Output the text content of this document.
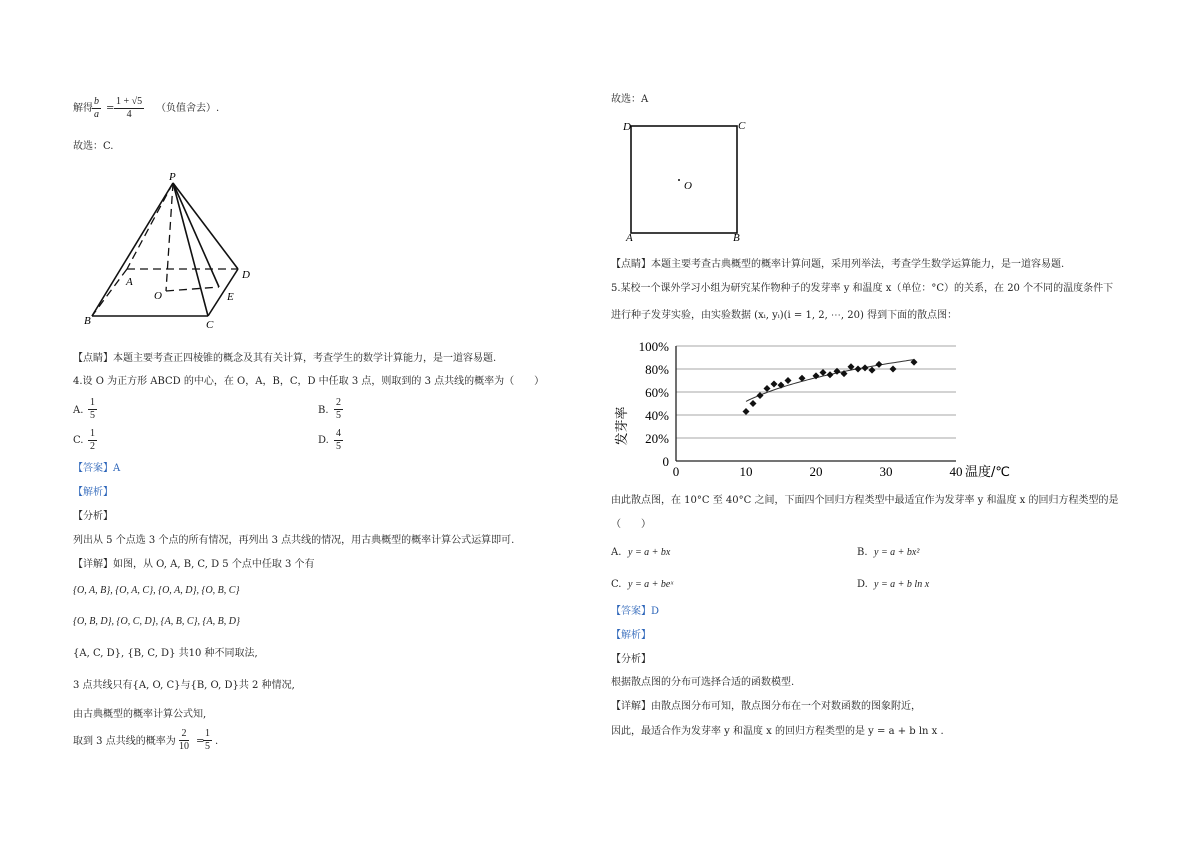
解得 $\frac{b}{a} = \frac{1 + √5}{4}$ （负值舍去）.
故选：C.
P
A
O
D
E
B	C
【点睛】本题主要考查正四棱锥的概念及其有关计算，考查学生的数学计算能力，是一道容易题.
4.设 O 为正方形 ABCD 的中心，在 O，A，B，C，D 中任取 3 点，则取到的 3 点共线的概率为（　　）
A. $\frac{1}{5}$	B. $\frac{2}{5}$
C. $\frac{1}{2}$	D. $\frac{4}{5}$
【答案】A
【解析】
【分析】
列出从 5 个点选 3 个点的所有情况，再列出 3 点共线的情况，用古典概型的概率计算公式运算即可.
【详解】如图，从 O, A, B, C, D 5 个点中任取 3 个有
{O, A, B}, {O, A, C}, {O, A, D}, {O, B, C}
{O, B, D}, {O, C, D}, {A, B, C}, {A, B, D}
{A, C, D}, {B, C, D} 共10 种不同取法,
3 点共线只有{A, O, C}与{B, O, D}共 2 种情况,
由古典概型的概率计算公式知,
取到 3 点共线的概率为 $\frac{2}{10}$ =
$\frac{1}{5}$ .
故选：A
D	C
O
A	B
【点睛】本题主要考查古典概型的概率计算问题，采用列举法，考查学生数学运算能力，是一道容易题.
5.某校一个课外学习小组为研究某作物种子的发芽率 y 和温度 x（单位：°C）的关系，在 20 个不同的温度条件下
进行种子发芽实验，由实验数据 (xᵢ, yᵢ)(i = 1, 2, ⋯, 20) 得到下面的散点图：
0
20%
40%
60%
80%
100%
0	10	20	30	40
发芽率
温度/℃
由此散点图，在 10°C 至 40°C 之间，下面四个回归方程类型中最适宜作为发芽率 y 和温度 x 的回归方程类型的是
（　　）
A. y = a + bx	B. y = a + bx²
C. y = a + beˣ	D. y = a + b ln x
【答案】D
【解析】
【分析】
根据散点图的分布可选择合适的函数模型.
【详解】由散点图分布可知，散点图分布在一个对数函数的图象附近，
因此，最适合作为发芽率 y 和温度 x 的回归方程类型的是 y = a + b ln x .
